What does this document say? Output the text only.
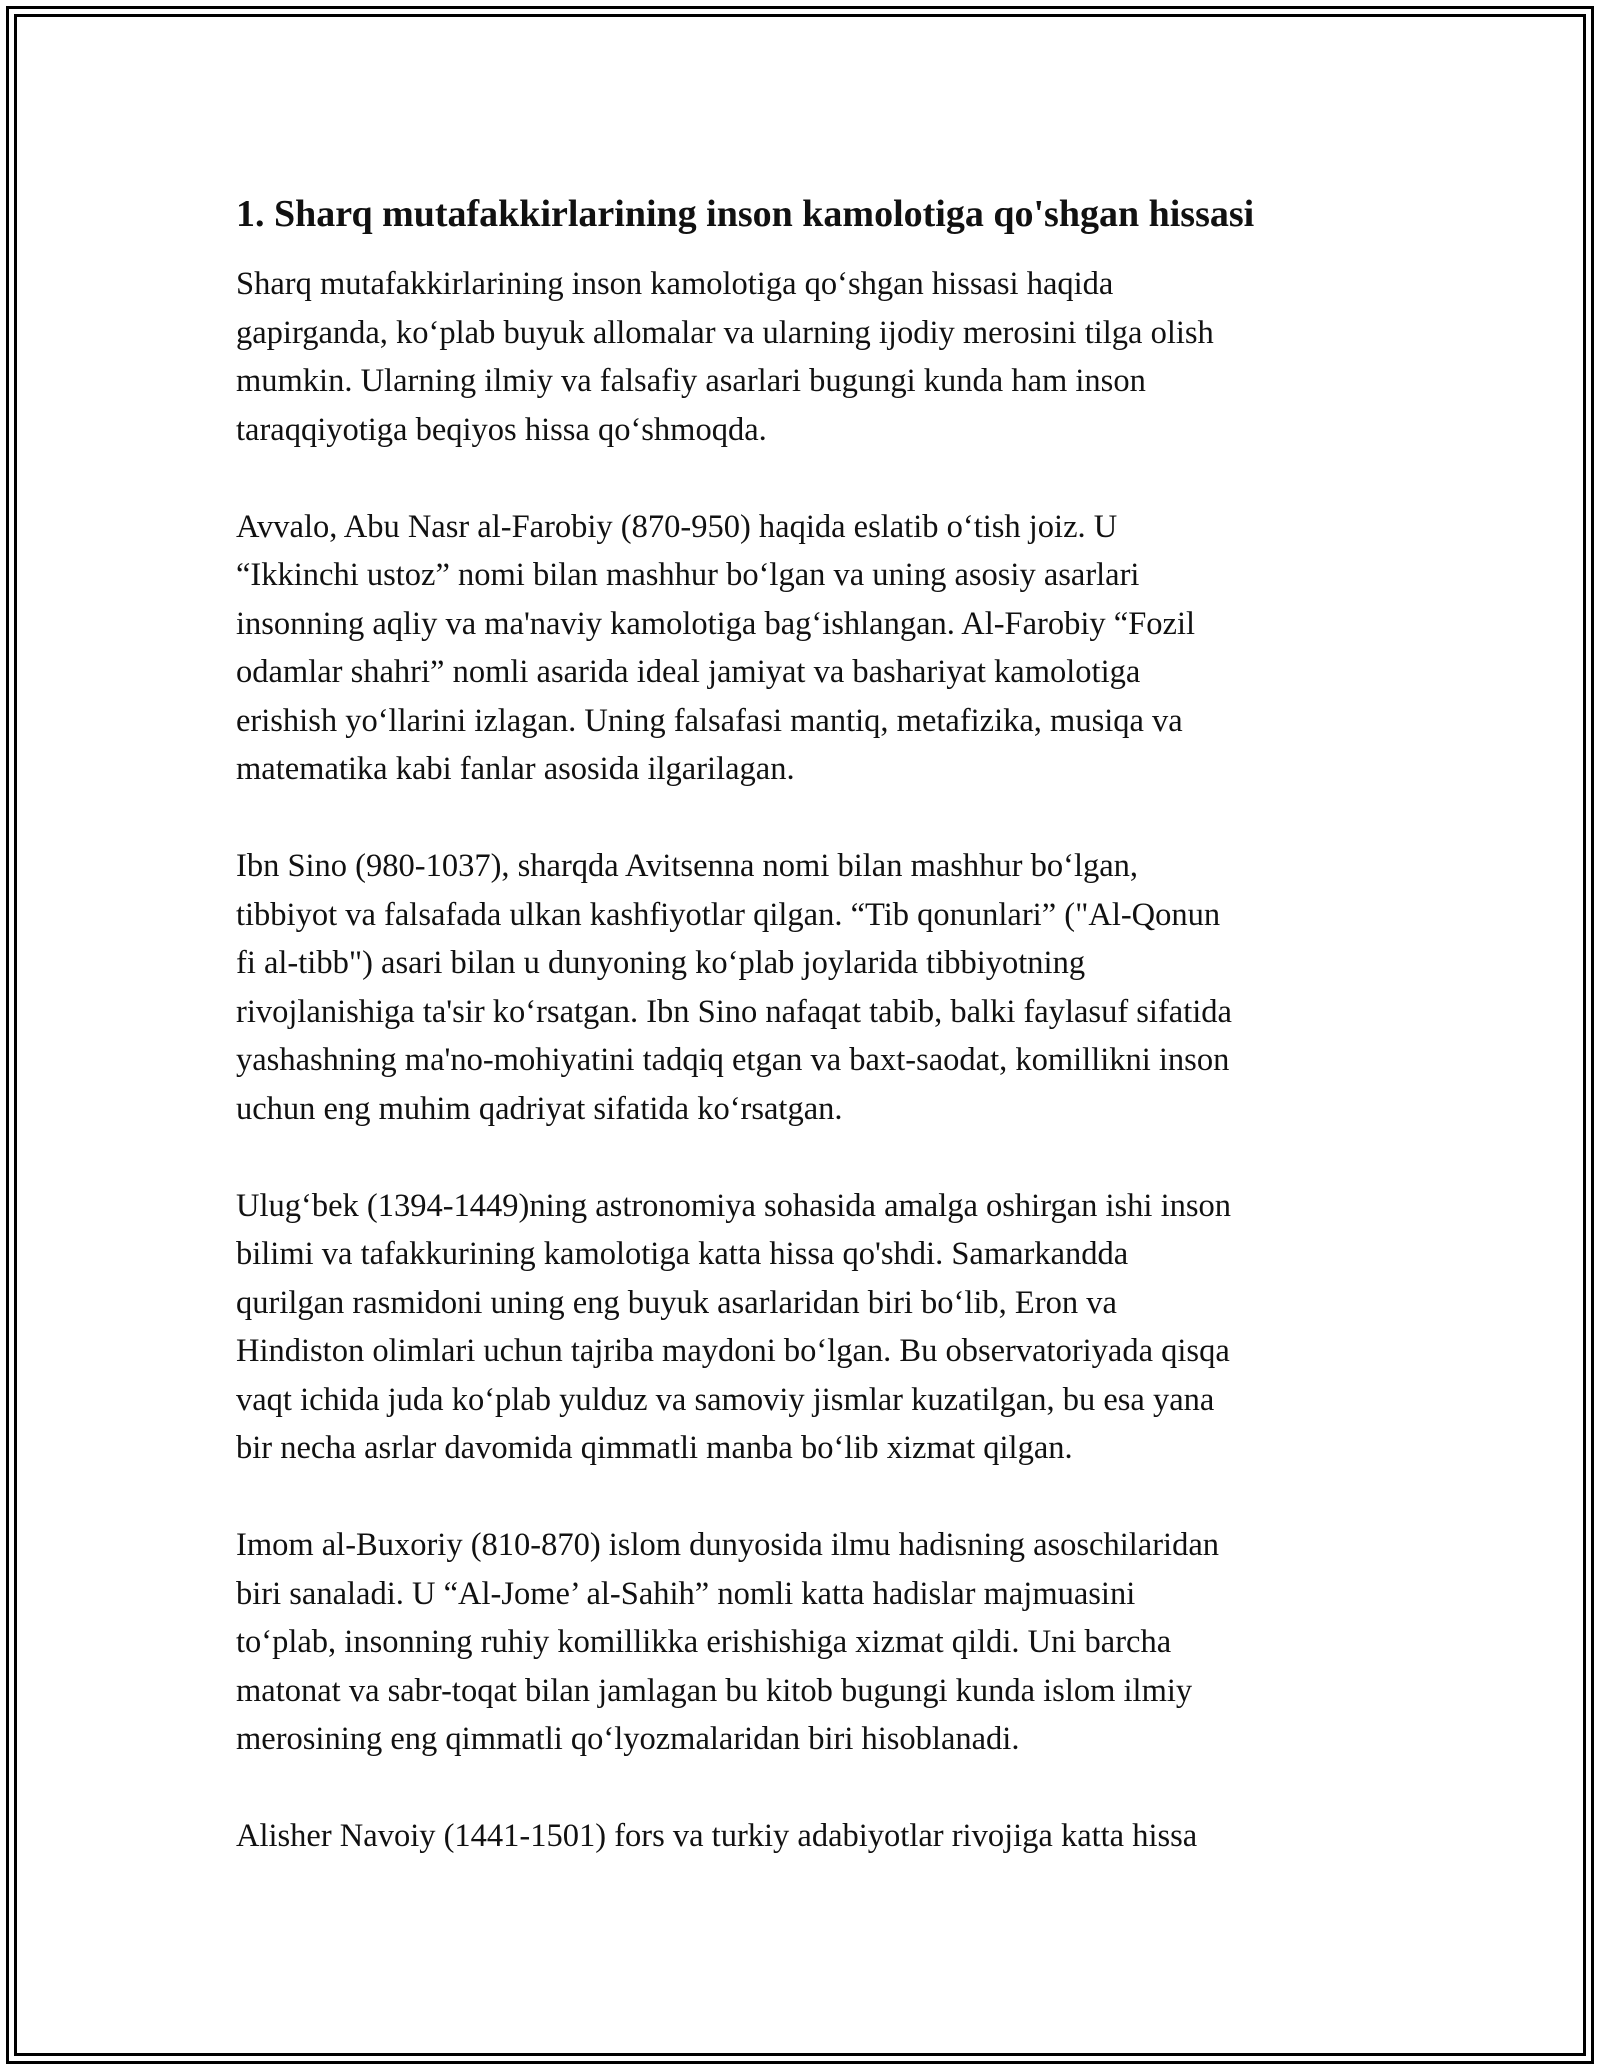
1. Sharq mutafakkirlarining inson kamolotiga qo'shgan hissasi

Sharq mutafakkirlarining inson kamolotiga qo‘shgan hissasi haqida
gapirganda, ko‘plab buyuk allomalar va ularning ijodiy merosini tilga olish
mumkin. Ularning ilmiy va falsafiy asarlari bugungi kunda ham inson
taraqqiyotiga beqiyos hissa qo‘shmoqda.

Avvalo, Abu Nasr al-Farobiy (870-950) haqida eslatib o‘tish joiz. U
“Ikkinchi ustoz” nomi bilan mashhur bo‘lgan va uning asosiy asarlari
insonning aqliy va ma'naviy kamolotiga bag‘ishlangan. Al-Farobiy “Fozil
odamlar shahri” nomli asarida ideal jamiyat va bashariyat kamolotiga
erishish yo‘llarini izlagan. Uning falsafasi mantiq, metafizika, musiqa va
matematika kabi fanlar asosida ilgarilagan.

Ibn Sino (980-1037), sharqda Avitsenna nomi bilan mashhur bo‘lgan,
tibbiyot va falsafada ulkan kashfiyotlar qilgan. “Tib qonunlari” ("Al-Qonun
fi al-tibb") asari bilan u dunyoning ko‘plab joylarida tibbiyotning
rivojlanishiga ta'sir ko‘rsatgan. Ibn Sino nafaqat tabib, balki faylasuf sifatida
yashashning ma'no-mohiyatini tadqiq etgan va baxt-saodat, komillikni inson
uchun eng muhim qadriyat sifatida ko‘rsatgan.

Ulug‘bek (1394-1449)ning astronomiya sohasida amalga oshirgan ishi inson
bilimi va tafakkurining kamolotiga katta hissa qo'shdi. Samarkandda
qurilgan rasmidoni uning eng buyuk asarlaridan biri bo‘lib, Eron va
Hindiston olimlari uchun tajriba maydoni bo‘lgan. Bu observatoriyada qisqa
vaqt ichida juda ko‘plab yulduz va samoviy jismlar kuzatilgan, bu esa yana
bir necha asrlar davomida qimmatli manba bo‘lib xizmat qilgan.

Imom al-Buxoriy (810-870) islom dunyosida ilmu hadisning asoschilaridan
biri sanaladi. U “Al-Jome’ al-Sahih” nomli katta hadislar majmuasini
to‘plab, insonning ruhiy komillikka erishishiga xizmat qildi. Uni barcha
matonat va sabr-toqat bilan jamlagan bu kitob bugungi kunda islom ilmiy
merosining eng qimmatli qo‘lyozmalaridan biri hisoblanadi.

Alisher Navoiy (1441-1501) fors va turkiy adabiyotlar rivojiga katta hissa
